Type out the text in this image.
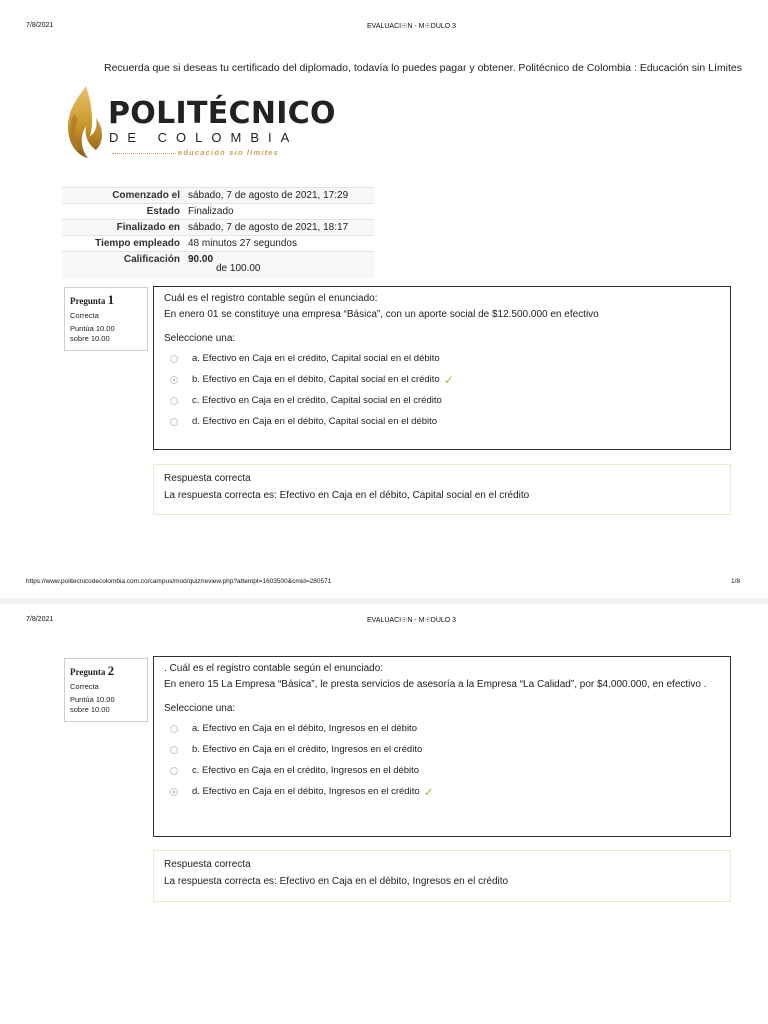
7/8/2021	EVALUACI☉N - M☉DULO 3
Recuerda que si deseas tu certificado del diplomado, todavía lo puedes pagar y obtener. Politécnico de Colombia : Educación sin Límites
POLITÉCNICO
DE COLOMBIA
educación sin límites
Comenzado el sábado, 7 de agosto de 2021, 17:29
Estado Finalizado
Finalizado en sábado, 7 de agosto de 2021, 18:17
Tiempo empleado 48 minutos 27 segundos
Calificación 90.00
de 100.00
Pregunta 1
Correcta
Puntúa 10.00
sobre 10.00
Cuál es el registro contable según el enunciado:
En enero 01 se constituye una empresa “Básica”, con un aporte social de $12.500.000 en efectivo
Seleccione una:
a. Efectivo en Caja en el crédito, Capital social en el débito
b. Efectivo en Caja en el débito, Capital social en el crédito ✓
c. Efectivo en Caja en el crédito, Capital social en el crédito
d. Efectivo en Caja en el débito, Capital social en el débito
Respuesta correcta
La respuesta correcta es: Efectivo en Caja en el débito, Capital social en el crédito
https://www.politecnicodecolombia.com.co/campus/mod/quiz/review.php?attempt=1603500&cmid=280571	1/8
7/8/2021	EVALUACI☉N - M☉DULO 3
Pregunta 2
Correcta
Puntúa 10.00
sobre 10.00
. Cuál es el registro contable según el enunciado:
En enero 15 La Empresa “Básica”, le presta servicios de asesoría a la Empresa “La Calidad”, por $4.000.000, en efectivo .
Seleccione una:
a. Efectivo en Caja en el débito, Ingresos en el débito
b. Efectivo en Caja en el crédito, Ingresos en el crédito
c. Efectivo en Caja en el crédito, Ingresos en el débito
d. Efectivo en Caja en el débito, Ingresos en el crédito ✓
Respuesta correcta
La respuesta correcta es: Efectivo en Caja en el débito, Ingresos en el crédito
